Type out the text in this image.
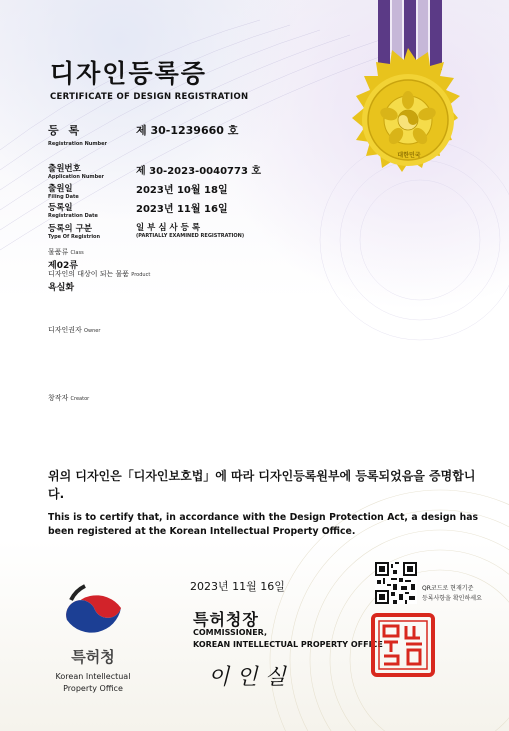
대한민국
디자인등록증
CERTIFICATE OF DESIGN REGISTRATION
등 록
Registration Number
제 30-1239660 호
출원번호
Application Number	제 30-2023-0040773 호
출원일
Filing Date
2023년 10월 18일
등록일
Registration Date
2023년 11월 16일
등록의 구분
Type Of Registrion
일 부 심 사 등 록
(PARTIALLY EXAMINED REGISTRATION)
물품류 Class
제02류
디자인의 대상이 되는 물품 Product
욕실화
디자인권자 Owner
창작자 Creator
위의 디자인은「디자인보호법」에 따라 디자인등록원부에 등록되었음을 증명합니다.
This is to certify that, in accordance with the Design Protection Act, a design has been registered at the Korean Intellectual Property Office.
특허청
Korean Intellectual
Property Office
2023년 11월 16일	QR코드로 현재기준
등록사항을 확인하세요
특허청장
COMMISSIONER,
KOREAN INTELLECTUAL PROPERTY OFFICE
이 인 실
